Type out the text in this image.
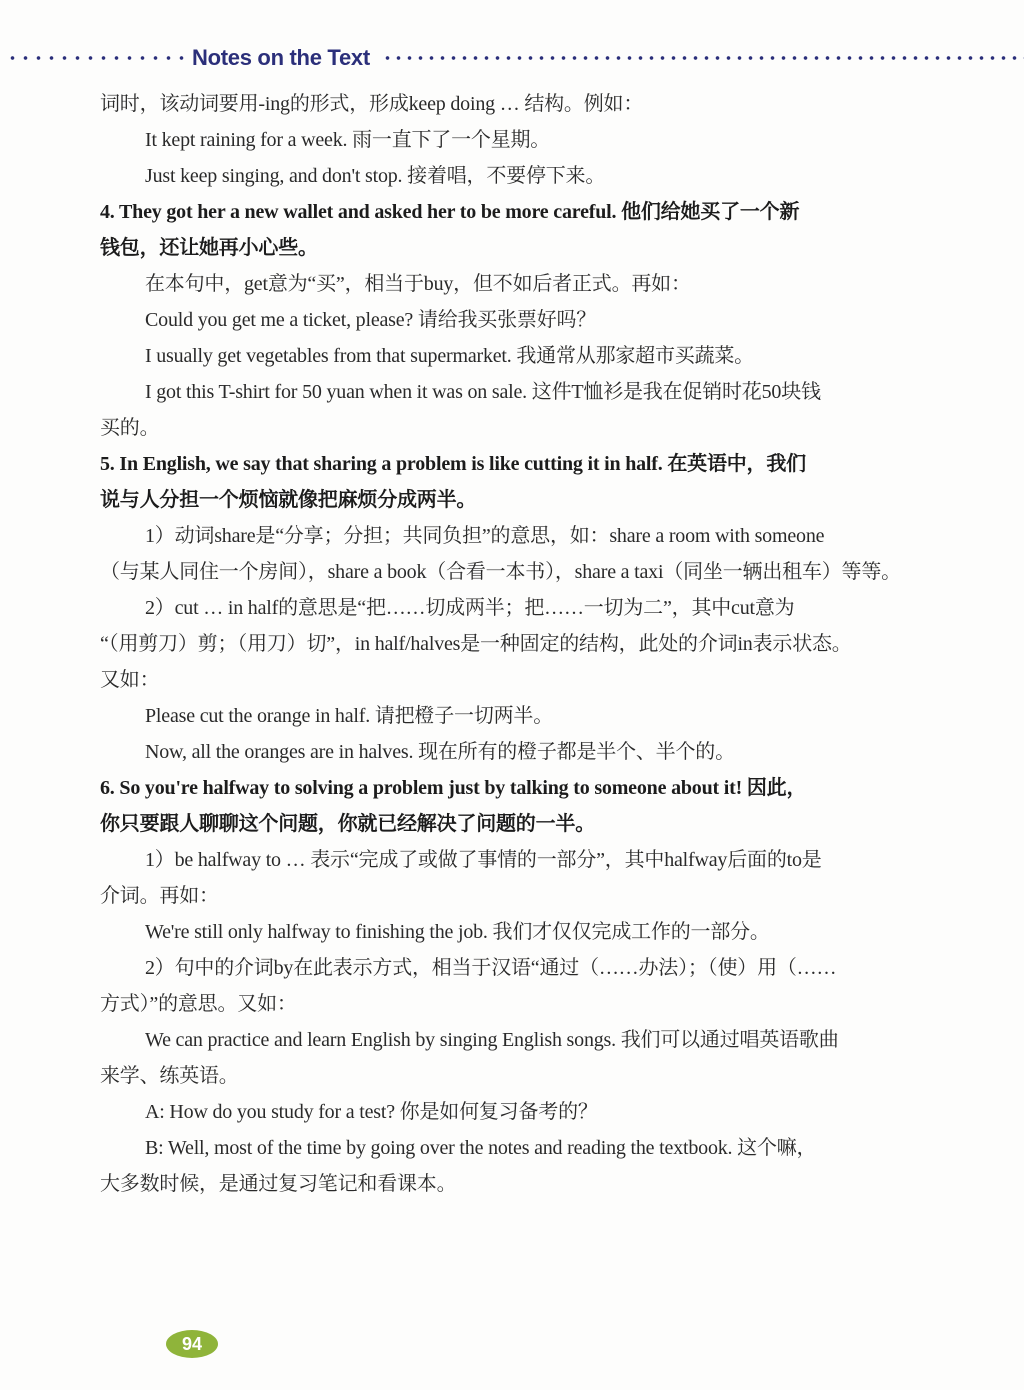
Notes on the Text
词时，该动词要用-ing的形式，形成keep doing … 结构。例如：
It kept raining for a week. 雨一直下了一个星期。
Just keep singing, and don't stop. 接着唱，不要停下来。
4. They got her a new wallet and asked her to be more careful. 他们给她买了一个新
钱包，还让她再小心些。
在本句中，get意为“买”，相当于buy，但不如后者正式。再如：
Could you get me a ticket, please? 请给我买张票好吗？
I usually get vegetables from that supermarket. 我通常从那家超市买蔬菜。
I got this T-shirt for 50 yuan when it was on sale. 这件T恤衫是我在促销时花50块钱
买的。
5. In English, we say that sharing a problem is like cutting it in half. 在英语中，我们
说与人分担一个烦恼就像把麻烦分成两半。
1）动词share是“分享；分担；共同负担”的意思，如：share a room with someone
（与某人同住一个房间），share a book（合看一本书），share a taxi（同坐一辆出租车）等等。
2）cut … in half的意思是“把……切成两半；把……一切为二”，其中cut意为
“（用剪刀）剪；（用刀）切”，in half/halves是一种固定的结构，此处的介词in表示状态。
又如：
Please cut the orange in half. 请把橙子一切两半。
Now, all the oranges are in halves. 现在所有的橙子都是半个、半个的。
6. So you're halfway to solving a problem just by talking to someone about it! 因此，
你只要跟人聊聊这个问题，你就已经解决了问题的一半。
1）be halfway to … 表示“完成了或做了事情的一部分”，其中halfway后面的to是
介词。再如：
We're still only halfway to finishing the job. 我们才仅仅完成工作的一部分。
2）句中的介词by在此表示方式，相当于汉语“通过（……办法）；（使）用（……
方式）”的意思。又如：
We can practice and learn English by singing English songs. 我们可以通过唱英语歌曲
来学、练英语。
A: How do you study for a test? 你是如何复习备考的？
B: Well, most of the time by going over the notes and reading the textbook. 这个嘛，
大多数时候，是通过复习笔记和看课本。
94
